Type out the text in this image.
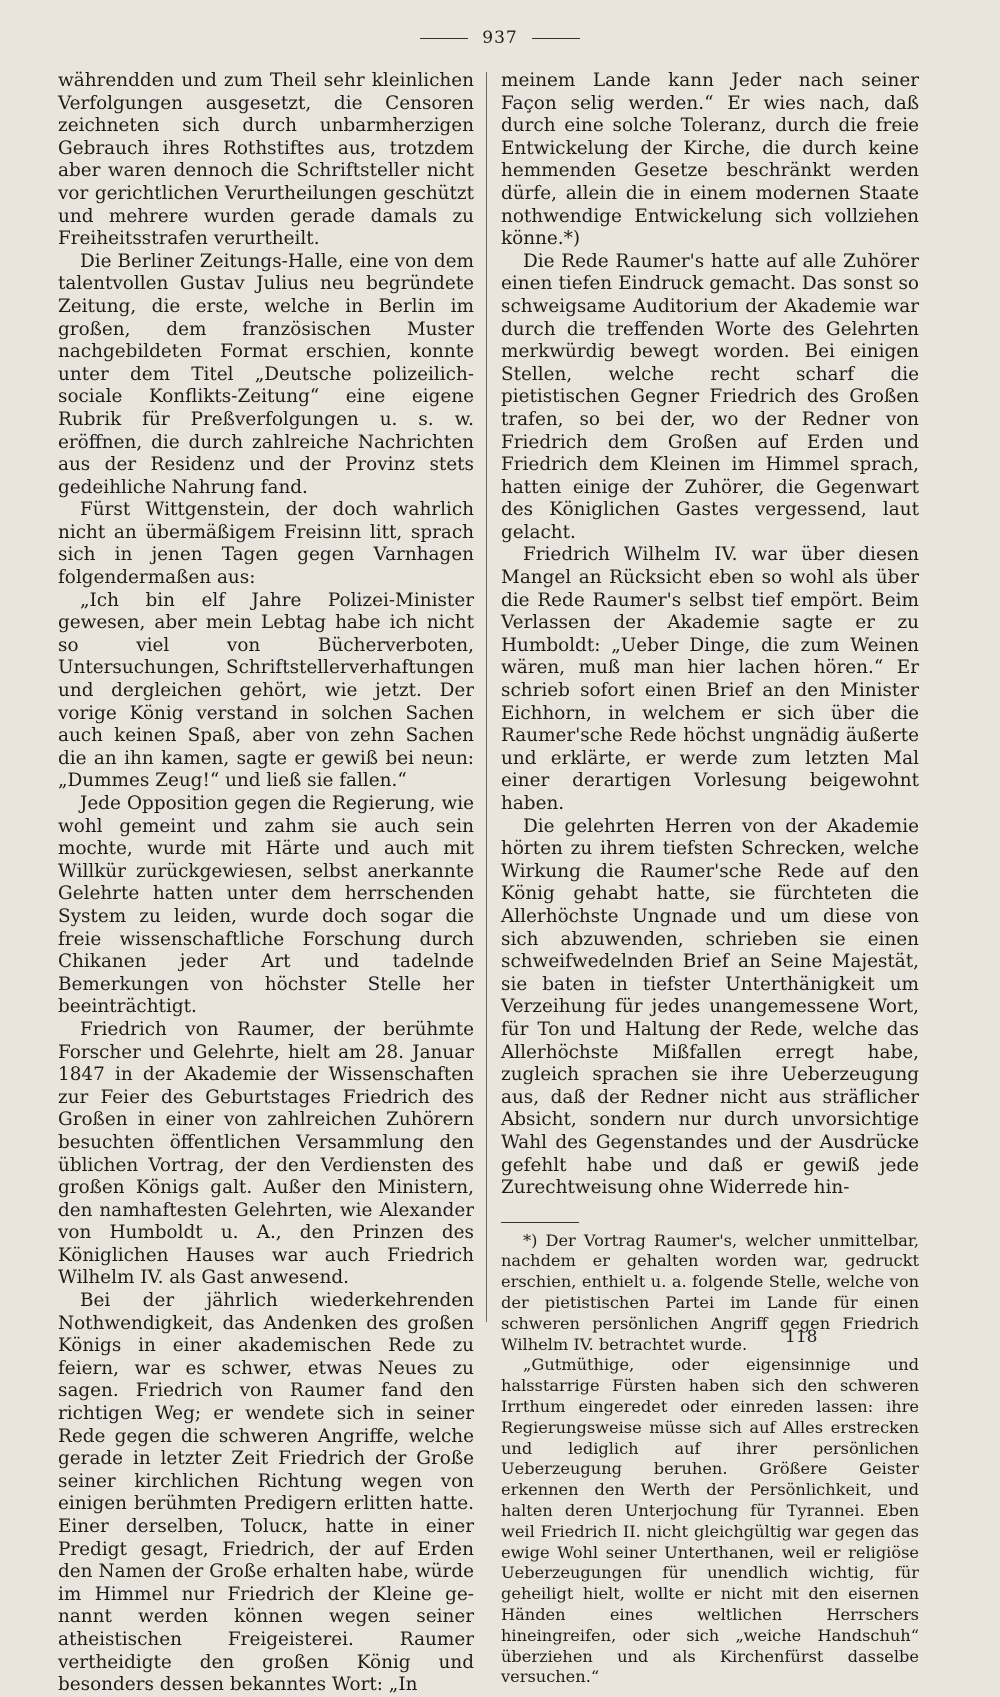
937

währendden und zum Theil sehr kleinlichen Verfolgungen ausgesetzt, die Censoren zeichneten sich durch unbarmherzigen Gebrauch ihres Rothstiftes aus, trotzdem aber waren dennoch die Schriftsteller nicht vor gerichtlichen Verurtheilungen geschützt und mehrere wurden gerade damals zu Freiheitsstrafen verurtheilt.

Die Berliner Zeitungs-Halle, eine von dem talentvollen Gustav Julius neu begründete Zeitung, die erste, welche in Berlin im großen, dem französischen Muster nachgebildeten Format erschien, konnte unter dem Titel „Deutsche polizeilich-sociale Konflikts-Zeitung“ eine eigene Rubrik für Preßverfolgungen u. s. w. eröffnen, die durch zahlreiche Nachrichten aus der Residenz und der Provinz stets gedeihliche Nahrung fand.

Fürst Wittgenstein, der doch wahrlich nicht an übermäßigem Freisinn litt, sprach sich in jenen Tagen gegen Varnhagen folgendermaßen aus:

„Ich bin elf Jahre Polizei-Minister gewesen, aber mein Lebtag habe ich nicht so viel von Bücherverboten, Untersuchungen, Schriftstellerverhaftungen und dergleichen gehört, wie jetzt. Der vorige König verstand in solchen Sachen auch keinen Spaß, aber von zehn Sachen die an ihn kamen, sagte er gewiß bei neun: „Dummes Zeug!“ und ließ sie fallen.“

Jede Opposition gegen die Regierung, wie wohl gemeint und zahm sie auch sein mochte, wurde mit Härte und auch mit Willkür zurückgewiesen, selbst anerkannte Gelehrte hatten unter dem herrschenden System zu leiden, wurde doch sogar die freie wissenschaftliche Forschung durch Chikanen jeder Art und tadelnde Bemerkungen von höchster Stelle her beeinträchtigt.

Friedrich von Raumer, der berühmte Forscher und Gelehrte, hielt am 28. Januar 1847 in der Akademie der Wissenschaften zur Feier des Geburtstages Friedrich des Großen in einer von zahlreichen Zuhörern besuchten öffentlichen Versammlung den üblichen Vortrag, der den Verdiensten des großen Königs galt. Außer den Ministern, den namhaftesten Gelehrten, wie Alexander von Humboldt u. A., den Prinzen des Königlichen Hauses war auch Friedrich Wilhelm IV. als Gast anwesend.

Bei der jährlich wiederkehrenden Nothwendigkeit, das Andenken des großen Königs in einer akademischen Rede zu feiern, war es schwer, etwas Neues zu sagen. Friedrich von Raumer fand den richtigen Weg; er wendete sich in seiner Rede gegen die schweren Angriffe, welche gerade in letzter Zeit Friedrich der Große seiner kirchlichen Richtung wegen von einigen berühmten Predigern erlitten hatte. Einer derselben, Tolucк, hatte in einer Predigt gesagt, Friedrich, der auf Erden den Namen der Große erhalten habe, würde im Himmel nur Friedrich der Kleine genannt werden können wegen seiner atheistischen Freigeisterei. Raumer vertheidigte den großen König und besonders dessen bekanntes Wort: „In

meinem Lande kann Jeder nach seiner Façon selig werden.“ Er wies nach, daß durch eine solche Toleranz, durch die freie Entwickelung der Kirche, die durch keine hemmenden Gesetze beschränkt werden dürfe, allein die in einem modernen Staate nothwendige Entwickelung sich vollziehen könne.*)

Die Rede Raumer's hatte auf alle Zuhörer einen tiefen Eindruck gemacht. Das sonst so schweigsame Auditorium der Akademie war durch die treffenden Worte des Gelehrten merkwürdig bewegt worden. Bei einigen Stellen, welche recht scharf die pietistischen Gegner Friedrich des Großen trafen, so bei der, wo der Redner von Friedrich dem Großen auf Erden und Friedrich dem Kleinen im Himmel sprach, hatten einige der Zuhörer, die Gegenwart des Königlichen Gastes vergessend, laut gelacht.

Friedrich Wilhelm IV. war über diesen Mangel an Rücksicht eben so wohl als über die Rede Raumer's selbst tief empört. Beim Verlassen der Akademie sagte er zu Humboldt: „Ueber Dinge, die zum Weinen wären, muß man hier lachen hören.“ Er schrieb sofort einen Brief an den Minister Eichhorn, in welchem er sich über die Raumer'sche Rede höchst ungnädig äußerte und erklärte, er werde zum letzten Mal einer derartigen Vorlesung beigewohnt haben.

Die gelehrten Herren von der Akademie hörten zu ihrem tiefsten Schrecken, welche Wirkung die Raumer'sche Rede auf den König gehabt hatte, sie fürchteten die Allerhöchste Ungnade und um diese von sich abzuwenden, schrieben sie einen schweifwedelnden Brief an Seine Majestät, sie baten in tiefster Unterthänigkeit um Verzeihung für jedes unangemessene Wort, für Ton und Haltung der Rede, welche das Allerhöchste Mißfallen erregt habe, zugleich sprachen sie ihre Ueberzeugung aus, daß der Redner nicht aus sträflicher Absicht, sondern nur durch unvorsichtige Wahl des Gegenstandes und der Ausdrücke gefehlt habe und daß er gewiß jede Zurechtweisung ohne Widerrede hin-

*) Der Vortrag Raumer's, welcher unmittelbar, nachdem er gehalten worden war, gedruckt erschien, enthielt u. a. folgende Stelle, welche von der pietistischen Partei im Lande für einen schweren persönlichen Angriff gegen Friedrich Wilhelm IV. betrachtet wurde.

„Gutmüthige, oder eigensinnige und halsstarrige Fürsten haben sich den schweren Irrthum eingeredet oder einreden lassen: ihre Regierungsweise müsse sich auf Alles erstrecken und lediglich auf ihrer persönlichen Ueberzeugung beruhen. Größere Geister erkennen den Werth der Persönlichkeit, und halten deren Unterjochung für Tyrannei. Eben weil Friedrich II. nicht gleichgültig war gegen das ewige Wohl seiner Unterthanen, weil er religiöse Ueberzeugungen für unendlich wichtig, für geheiligt hielt, wollte er nicht mit den eisernen Händen eines weltlichen Herrschers hineingreifen, oder sich „weiche Handschuh“ überziehen und als Kirchenfürst dasselbe versuchen.“

118
